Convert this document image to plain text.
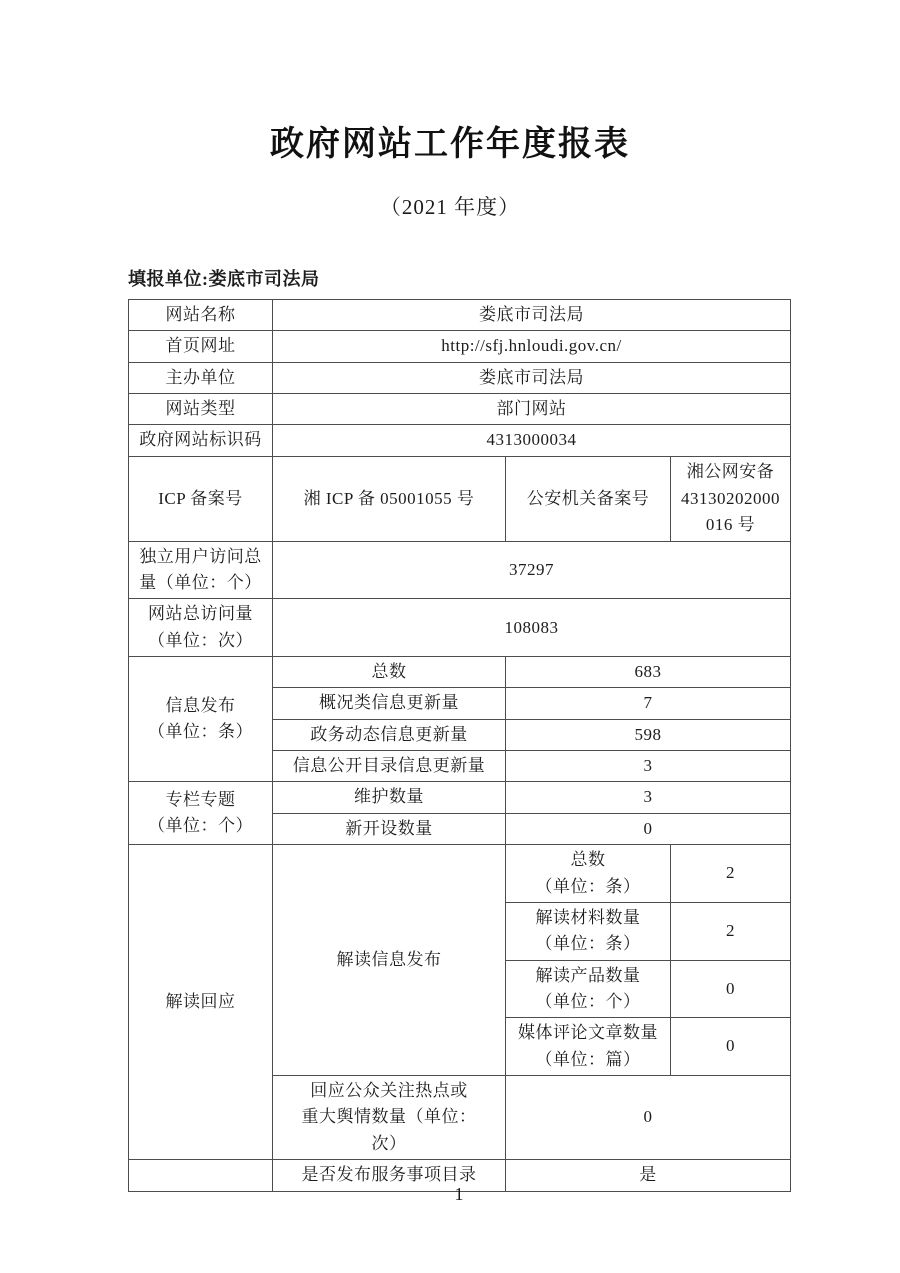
政府网站工作年度报表
（2021 年度）
填报单位:娄底市司法局
网站名称	娄底市司法局		
首页网址	http://sfj.hnloudi.gov.cn/		
主办单位	娄底市司法局		
网站类型	部门网站		
政府网站标识码	4313000034		
ICP 备案号	湘 ICP 备 05001055 号	公安机关备案号	湘公网安备
43130202000
016 号

独立用户访问总
量（单位：个）	37297		

网站总访问量
（单位：次）	108083		

信息发布
（单位：条）	总数	683	
	概况类信息更新量	7	
	政务动态信息更新量	598	
	信息公开目录信息更新量	3	

专栏专题
（单位：个）	维护数量	3	
	新开设数量	0	
解读回应	解读信息发布	总数
（单位：条）	2

		解读材料数量
（单位：条）	2

		解读产品数量
（单位：个）	0

		媒体评论文章数量
（单位：篇）	0

	回应公众关注热点或
重大舆情数量（单位：
次）	0	
	是否发布服务事项目录	是	
1
